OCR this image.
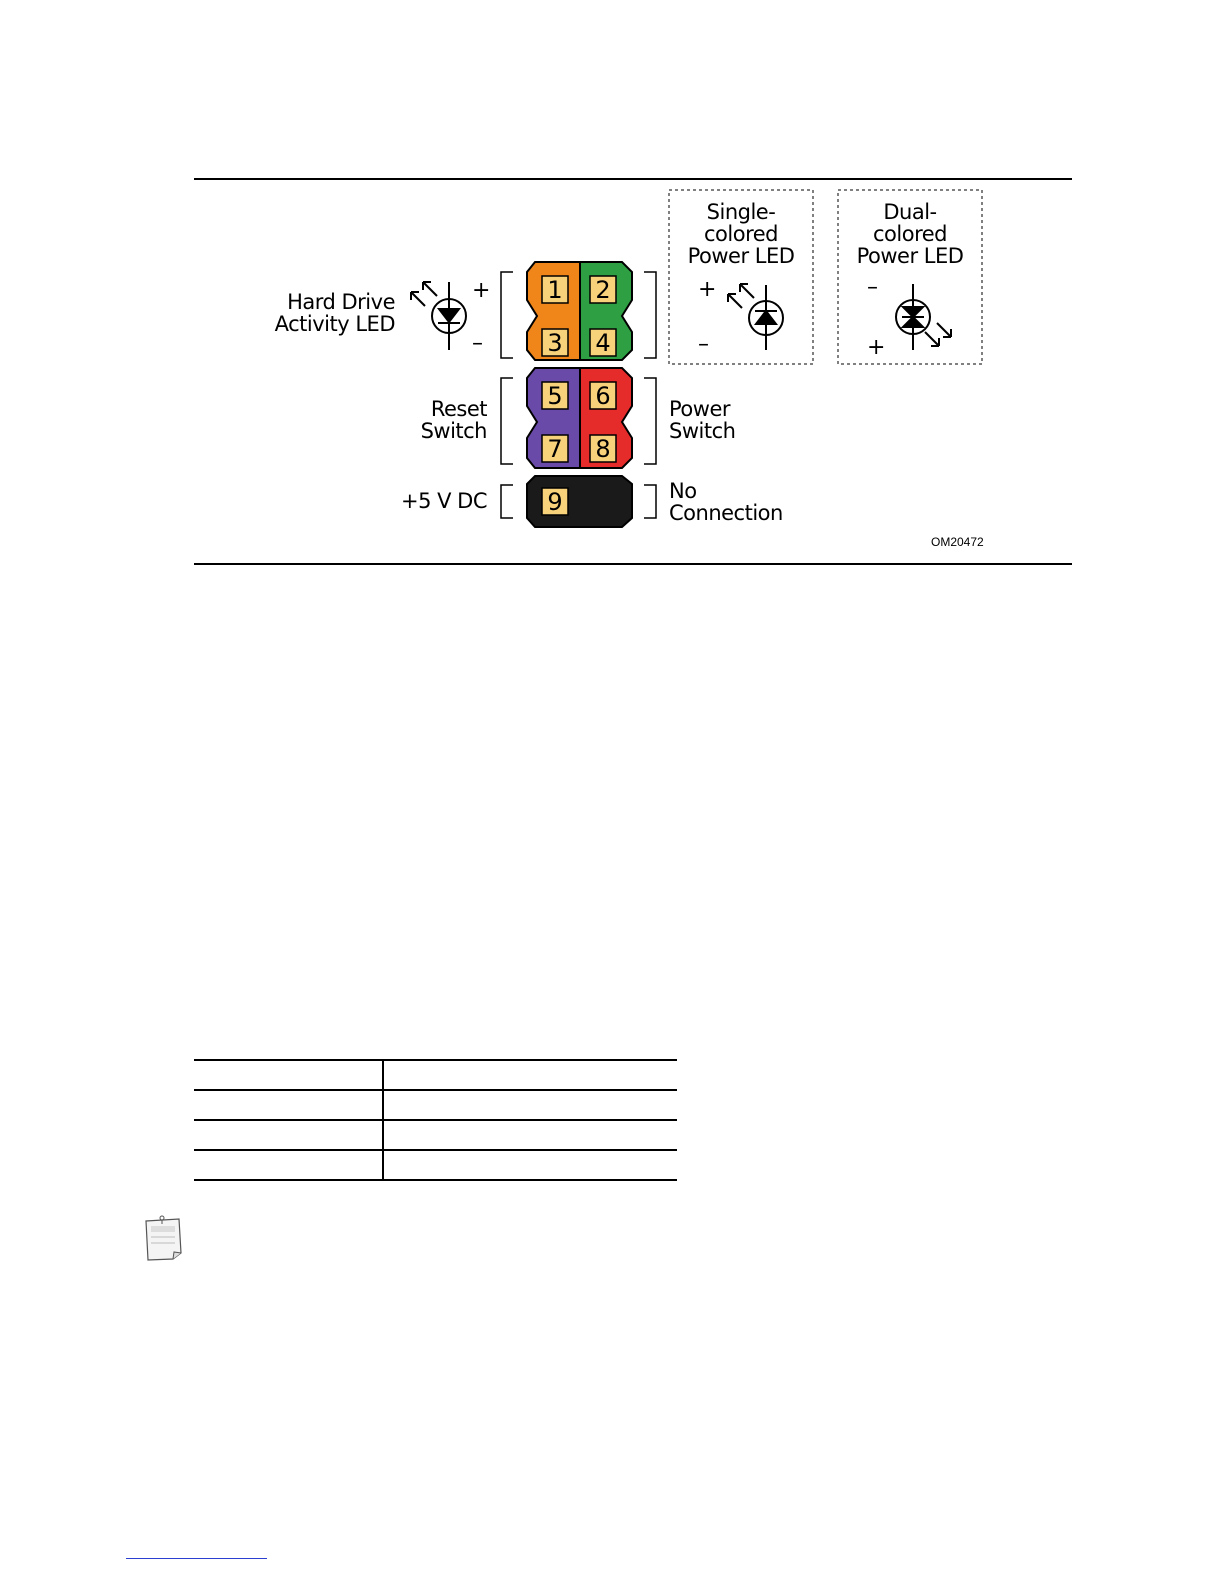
1 2
3 4
5 6
7 8
9
+
–
+
–
–
+
OM20472
Hard Drive
Activity LED
Reset
Switch
Power
Switch
+5 V DC	No
Connection
Single-
colored
Power LED
Dual-
colored
Power LED
